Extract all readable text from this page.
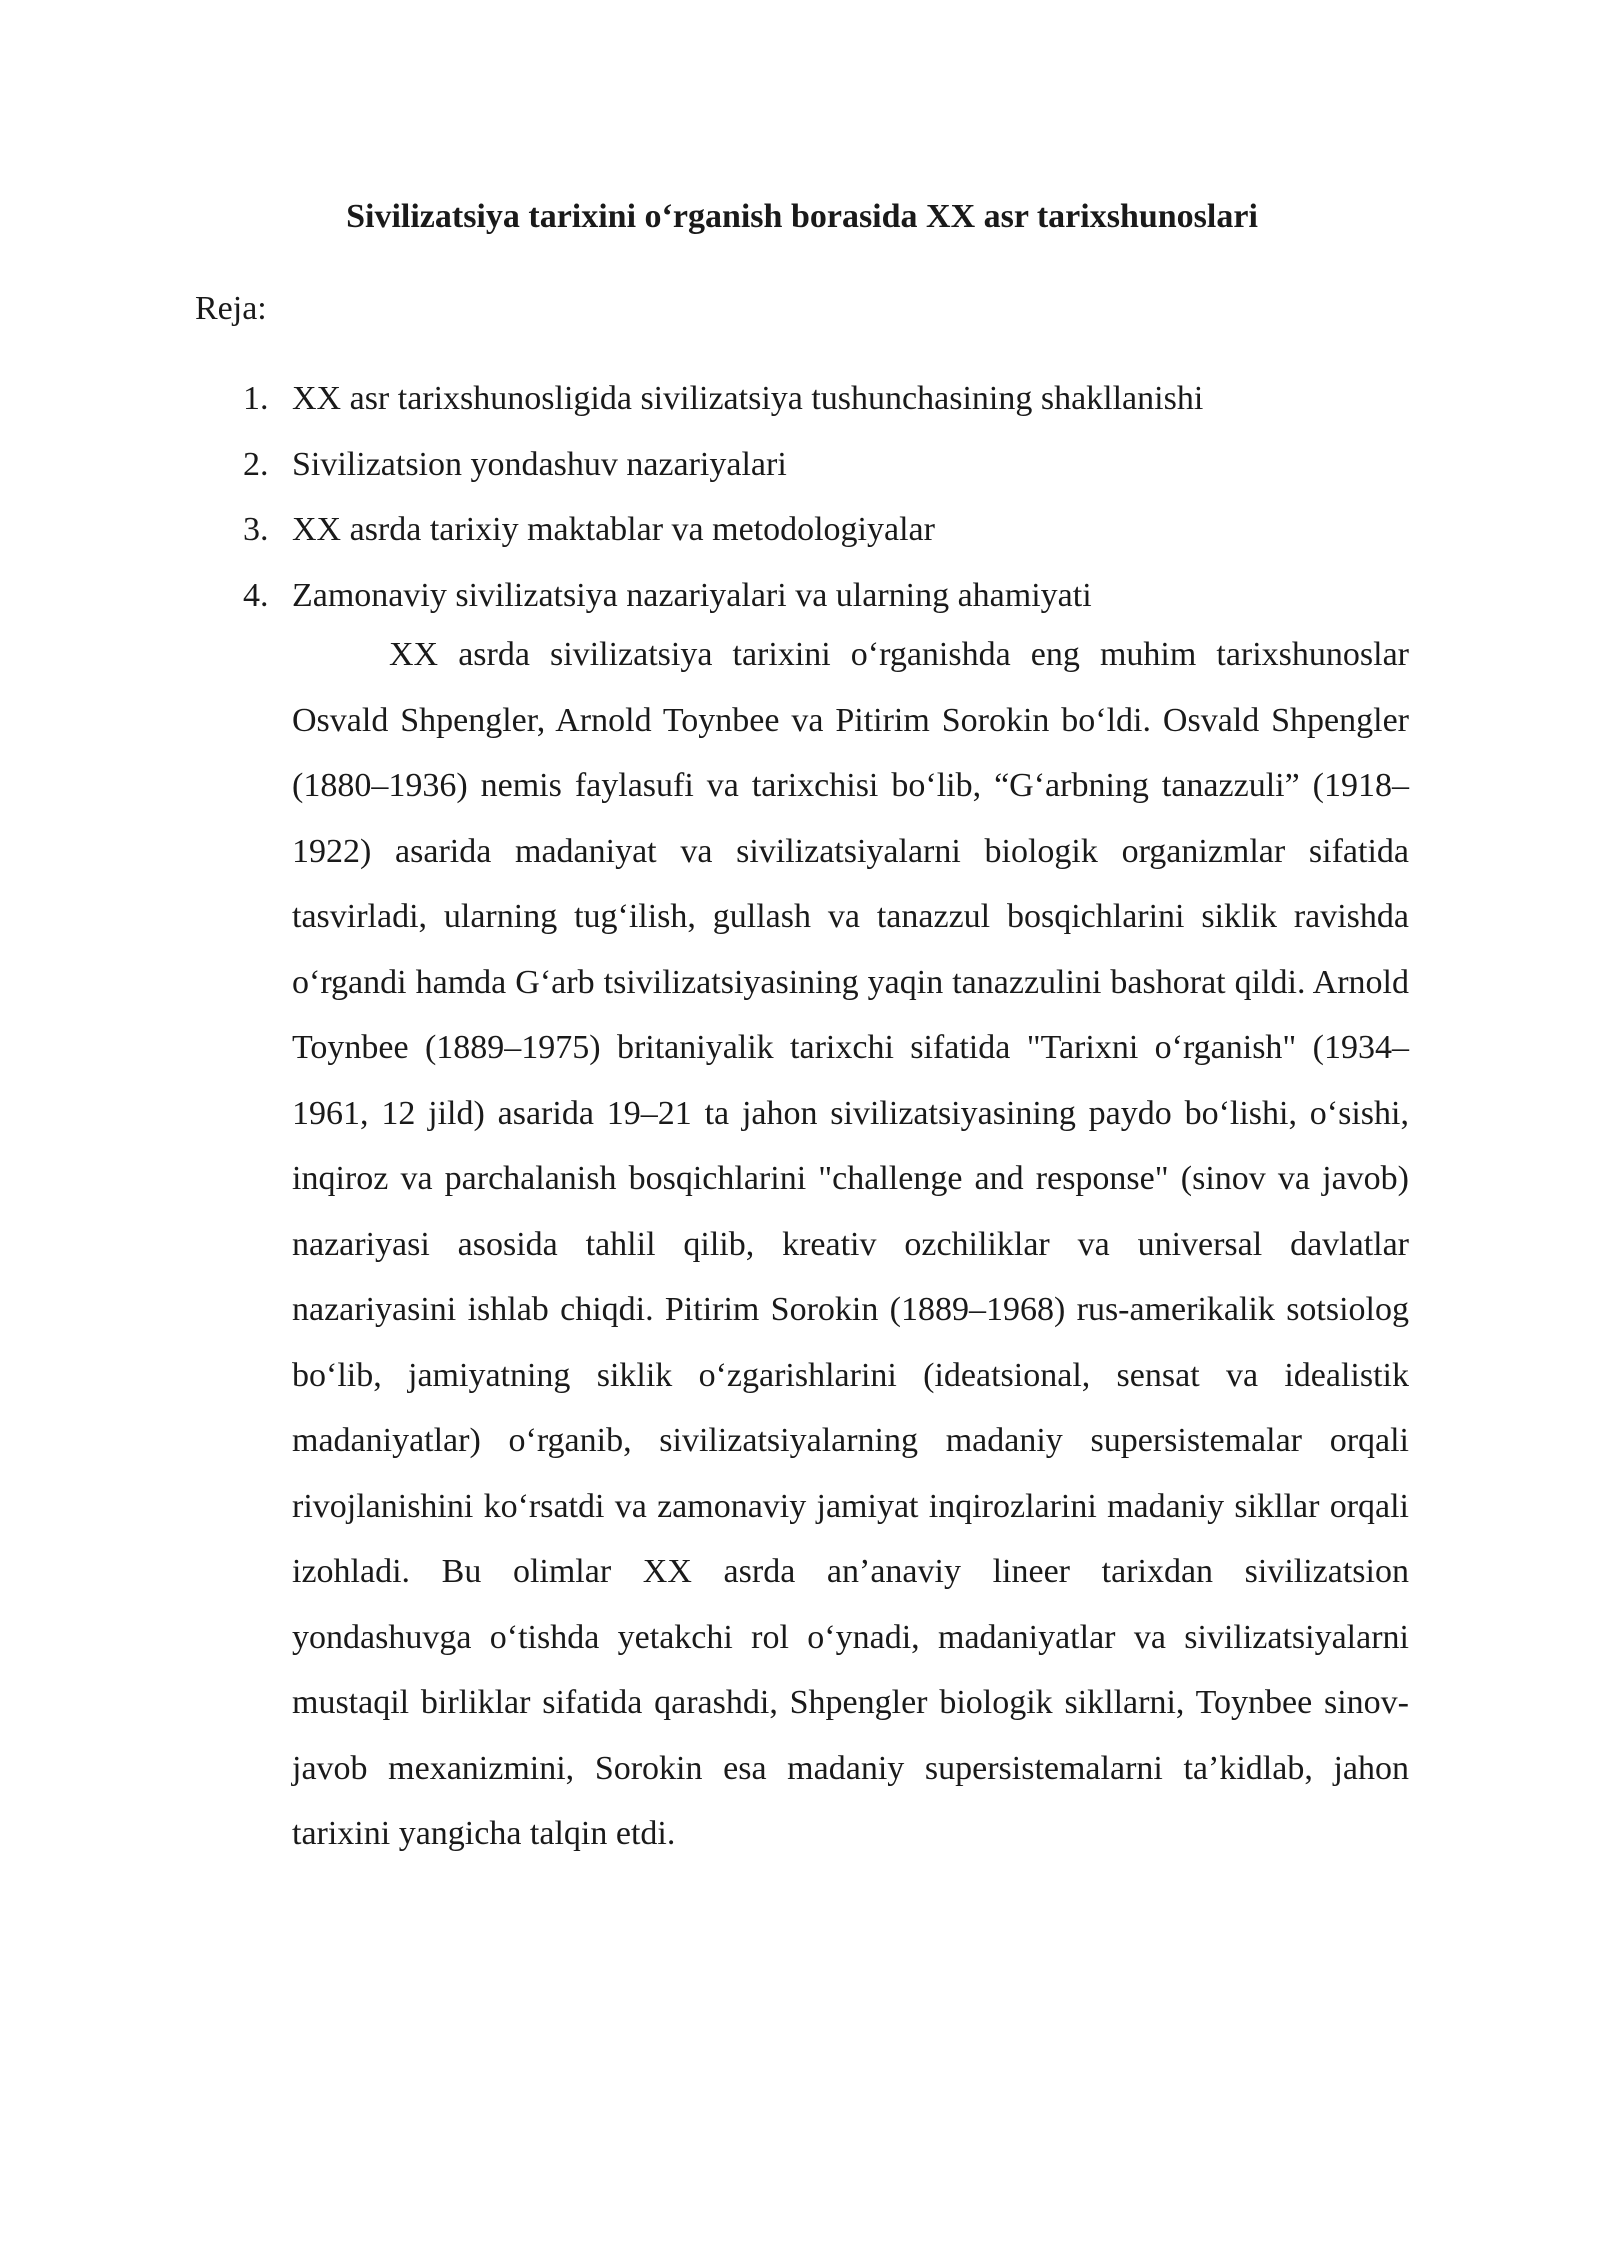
Sivilizatsiya tarixini o‘rganish borasida XX asr tarixshunoslari

Reja:

1. XX asr tarixshunosligida sivilizatsiya tushunchasining shakllanishi
2. Sivilizatsion yondashuv nazariyalari
3. XX asrda tarixiy maktablar va metodologiyalar
4. Zamonaviy sivilizatsiya nazariyalari va ularning ahamiyati

XX asrda sivilizatsiya tarixini o‘rganishda eng muhim tarixshunoslar Osvald Shpengler, Arnold Toynbee va Pitirim Sorokin bo‘ldi. Osvald Shpengler (1880–1936) nemis faylasufi va tarixchisi bo‘lib, “G‘arbning tanazzuli” (1918–1922) asarida madaniyat va sivilizatsiyalarni biologik organizmlar sifatida tasvirladi, ularning tug‘ilish, gullash va tanazzul bosqichlarini siklik ravishda o‘rgandi hamda G‘arb tsivilizatsiyasining yaqin tanazzulini bashorat qildi. Arnold Toynbee (1889–1975) britaniyalik tarixchi sifatida "Tarixni o‘rganish" (1934–1961, 12 jild) asarida 19–21 ta jahon sivilizatsiyasining paydo bo‘lishi, o‘sishi, inqiroz va parchalanish bosqichlarini "challenge and response" (sinov va javob) nazariyasi asosida tahlil qilib, kreativ ozchiliklar va universal davlatlar nazariyasini ishlab chiqdi. Pitirim Sorokin (1889–1968) rus-amerikalik sotsiolog bo‘lib, jamiyatning siklik o‘zgarishlarini (ideatsional, sensat va idealistik madaniyatlar) o‘rganib, sivilizatsiyalarning madaniy supersistemalar orqali rivojlanishini ko‘rsatdi va zamonaviy jamiyat inqirozlarini madaniy sikllar orqali izohladi. Bu olimlar XX asrda an’anaviy lineer tarixdan sivilizatsion yondashuvga o‘tishda yetakchi rol o‘ynadi, madaniyatlar va sivilizatsiyalarni mustaqil birliklar sifatida qarashdi, Shpengler biologik sikllarni, Toynbee sinov-javob mexanizmini, Sorokin esa madaniy supersistemalarni ta’kidlab, jahon tarixini yangicha talqin etdi.
